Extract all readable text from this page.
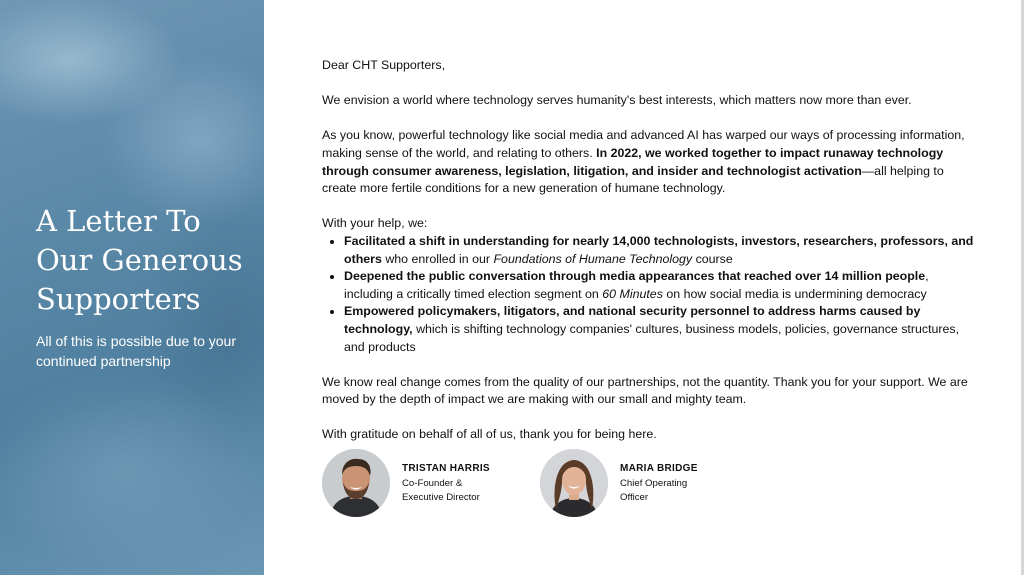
A Letter To Our Generous Supporters

All of this is possible due to your continued partnership

Dear CHT Supporters,

We envision a world where technology serves humanity's best interests, which matters now more than ever.

As you know, powerful technology like social media and advanced AI has warped our ways of processing information, making sense of the world, and relating to others. In 2022, we worked together to impact runaway technology through consumer awareness, legislation, litigation, and insider and technologist activation—all helping to create more fertile conditions for a new generation of humane technology.

With your help, we:

• Facilitated a shift in understanding for nearly 14,000 technologists, investors, researchers, professors, and others who enrolled in our Foundations of Humane Technology course
• Deepened the public conversation through media appearances that reached over 14 million people, including a critically timed election segment on 60 Minutes on how social media is undermining democracy
• Empowered policymakers, litigators, and national security personnel to address harms caused by technology, which is shifting technology companies' cultures, business models, policies, governance structures, and products

We know real change comes from the quality of our partnerships, not the quantity. Thank you for your support. We are moved by the depth of impact we are making with our small and mighty team.

With gratitude on behalf of all of us, thank you for being here.

TRISTAN HARRIS
Co-Founder & Executive Director
MARIA BRIDGE
Chief Operating Officer
